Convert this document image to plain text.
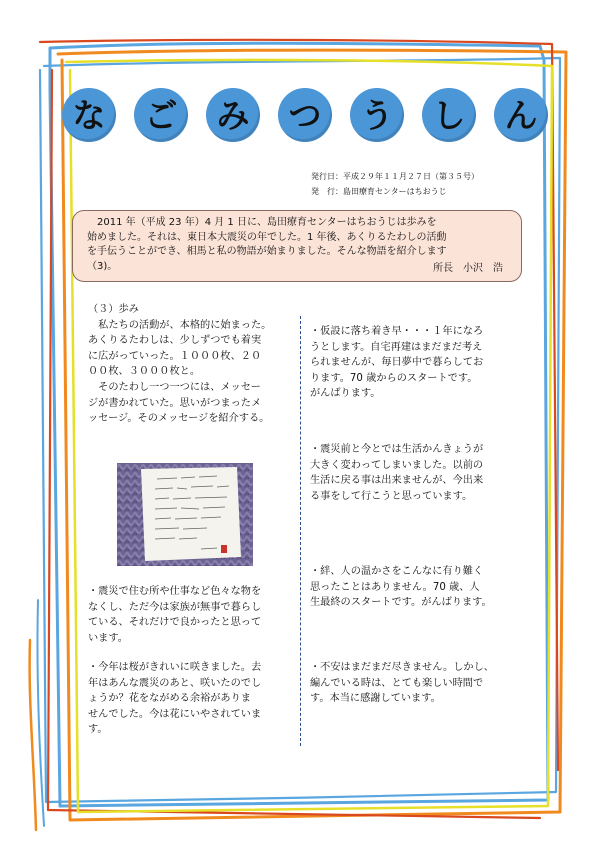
な ご み つ う し ん
発行日：平成２９年１１月２７日（第３５号）
発　行：島田療育センターはちおうじ

　2011 年（平成 23 年）4 月 1 日に、島田療育センターはちおうじは歩みを

始めました。それは、東日本大震災の年でした。1 年後、あくりるたわしの活動

を手伝うことができ、相馬と私の物語が始まりました。そんな物語を紹介します

（3)。	所長　小沢　浩

（３）歩み

　私たちの活動が、本格的に始まった。

あくりるたわしは、少しずつでも着実

に広がっていった。１０００枚、２０

００枚、３０００枚と。

　そのたわし一つ一つには、メッセー

ジが書かれていた。思いがつまったメ

ッセージ。そのメッセージを紹介する。

・震災で住む所や仕事など色々な物を

なくし、ただ今は家族が無事で暮らし

ている、それだけで良かったと思って

います。

・今年は桜がきれいに咲きました。去

年はあんな震災のあと、咲いたのでし

ょうか？花をながめる余裕がありま

せんでした。今は花にいやされていま

す。

・仮設に落ち着き早・・・１年になろ

うとします。自宅再建はまだまだ考え

られませんが、毎日夢中で暮らしてお

ります。70 歳からのスタートです。

がんばります。

・震災前と今とでは生活かんきょうが

大きく変わってしまいました。以前の

生活に戻る事は出来ませんが、今出来

る事をして行こうと思っています。

・絆、人の温かさをこんなに有り難く

思ったことはありません。70 歳、人

生最終のスタートです。がんばります。

・不安はまだまだ尽きません。しかし、

編んでいる時は、とても楽しい時間で

す。本当に感謝しています。
